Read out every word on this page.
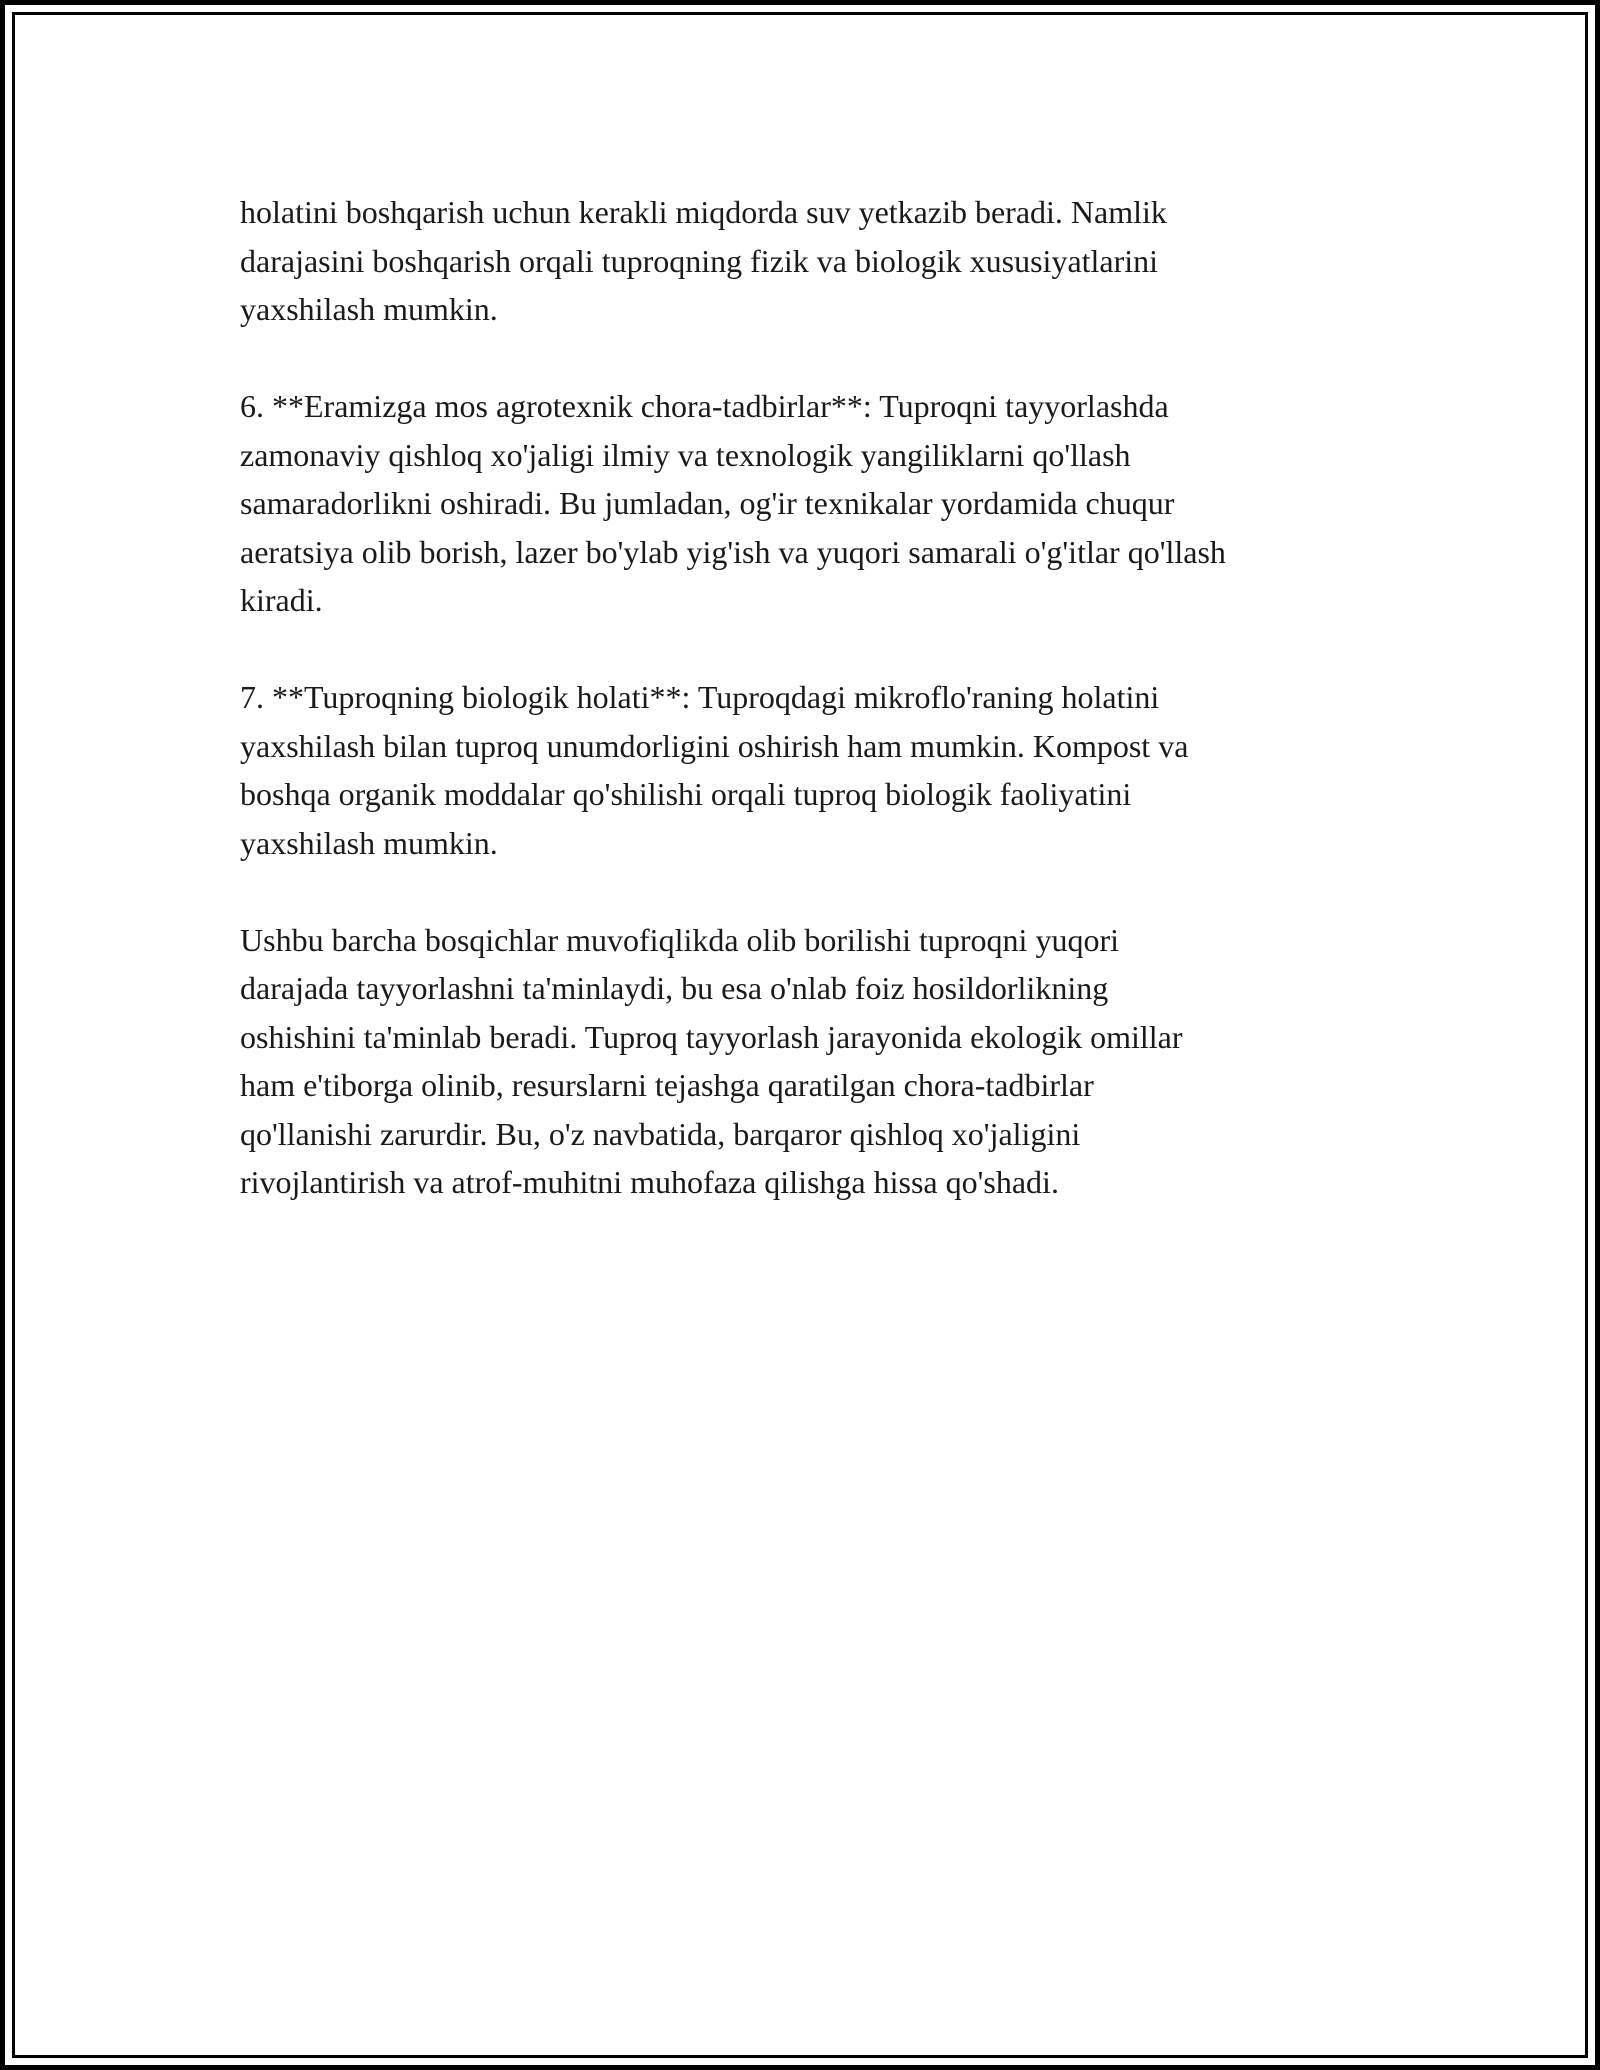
holatini boshqarish uchun kerakli miqdorda suv yetkazib beradi. Namlik
darajasini boshqarish orqali tuproqning fizik va biologik xususiyatlarini
yaxshilash mumkin.

6. **Eramizga mos agrotexnik chora-tadbirlar**: Tuproqni tayyorlashda
zamonaviy qishloq xo'jaligi ilmiy va texnologik yangiliklarni qo'llash
samaradorlikni oshiradi. Bu jumladan, og'ir texnikalar yordamida chuqur
aeratsiya olib borish, lazer bo'ylab yig'ish va yuqori samarali o'g'itlar qo'llash
kiradi.

7. **Tuproqning biologik holati**: Tuproqdagi mikroflo'raning holatini
yaxshilash bilan tuproq unumdorligini oshirish ham mumkin. Kompost va
boshqa organik moddalar qo'shilishi orqali tuproq biologik faoliyatini
yaxshilash mumkin.

Ushbu barcha bosqichlar muvofiqlikda olib borilishi tuproqni yuqori
darajada tayyorlashni ta'minlaydi, bu esa o'nlab foiz hosildorlikning
oshishini ta'minlab beradi. Tuproq tayyorlash jarayonida ekologik omillar
ham e'tiborga olinib, resurslarni tejashga qaratilgan chora-tadbirlar
qo'llanishi zarurdir. Bu, o'z navbatida, barqaror qishloq xo'jaligini
rivojlantirish va atrof-muhitni muhofaza qilishga hissa qo'shadi.
